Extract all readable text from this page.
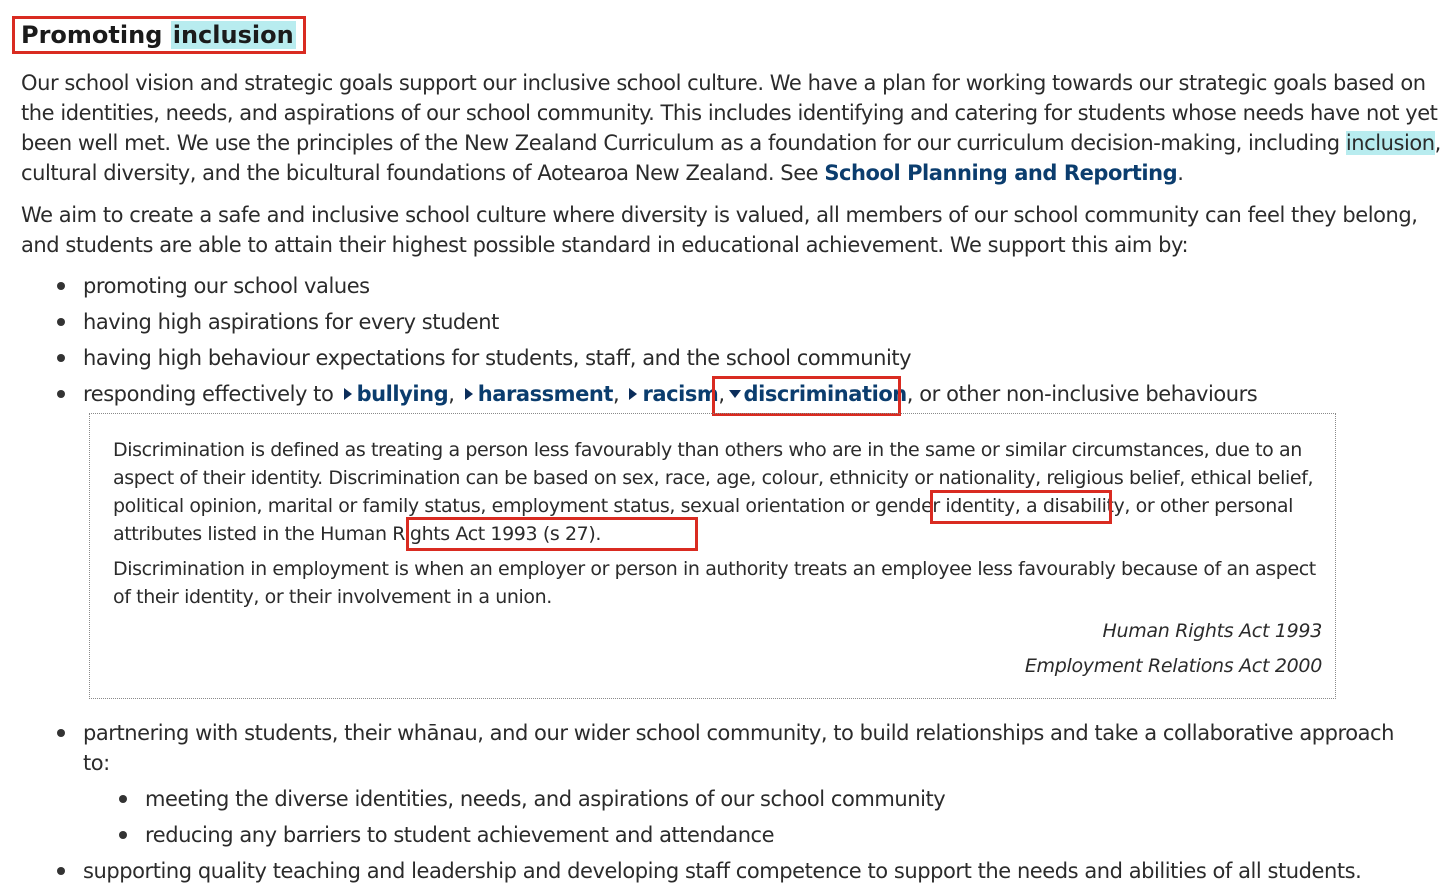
Promoting inclusion

Our school vision and strategic goals support our inclusive school culture. We have a plan for working towards our strategic goals based on the identities, needs, and aspirations of our school community. This includes identifying and catering for students whose needs have not yet been well met. We use the principles of the New Zealand Curriculum as a foundation for our curriculum decision-making, including inclusion, cultural diversity, and the bicultural foundations of Aotearoa New Zealand. See School Planning and Reporting.

We aim to create a safe and inclusive school culture where diversity is valued, all members of our school community can feel they belong, and students are able to attain their highest possible standard in educational achievement. We support this aim by:

promoting our school values
having high aspirations for every student
having high behaviour expectations for students, staff, and the school community
responding effectively to bullying, harassment, racism, discrimination, or other non-inclusive behaviours

Discrimination is defined as treating a person less favourably than others who are in the same or similar circumstances, due to an aspect of their identity. Discrimination can be based on sex, race, age, colour, ethnicity or nationality, religious belief, ethical belief, political opinion, marital or family status, employment status, sexual orientation or gender identity, a disability, or other personal attributes listed in the Human Rights Act 1993 (s 27).

Discrimination in employment is when an employer or person in authority treats an employee less favourably because of an aspect of their identity, or their involvement in a union.

Human Rights Act 1993
Employment Relations Act 2000
partnering with students, their whānau, and our wider school community, to build relationships and take a collaborative approach
to:
meeting the diverse identities, needs, and aspirations of our school community
reducing any barriers to student achievement and attendance
supporting quality teaching and leadership and developing staff competence to support the needs and abilities of all students.
